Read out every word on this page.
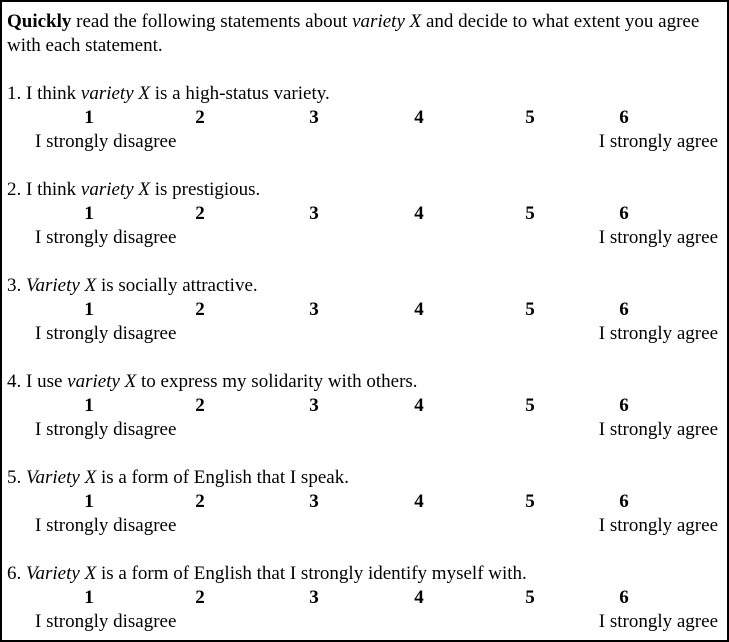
Quickly read the following statements about variety X and decide to what extent you agree with each statement.

1. I think variety X is a high-status variety.
1	2	3	4	5	6
I strongly disagree	I strongly agree
2. I think variety X is prestigious.
1	2	3	4	5	6
I strongly disagree	I strongly agree
3. Variety X is socially attractive.
1	2	3	4	5	6
I strongly disagree	I strongly agree
4. I use variety X to express my solidarity with others.
1	2	3	4	5	6
I strongly disagree	I strongly agree
5. Variety X is a form of English that I speak.
1	2	3	4	5	6
I strongly disagree	I strongly agree
6. Variety X is a form of English that I strongly identify myself with.
1	2	3	4	5	6
I strongly disagree	I strongly agree
